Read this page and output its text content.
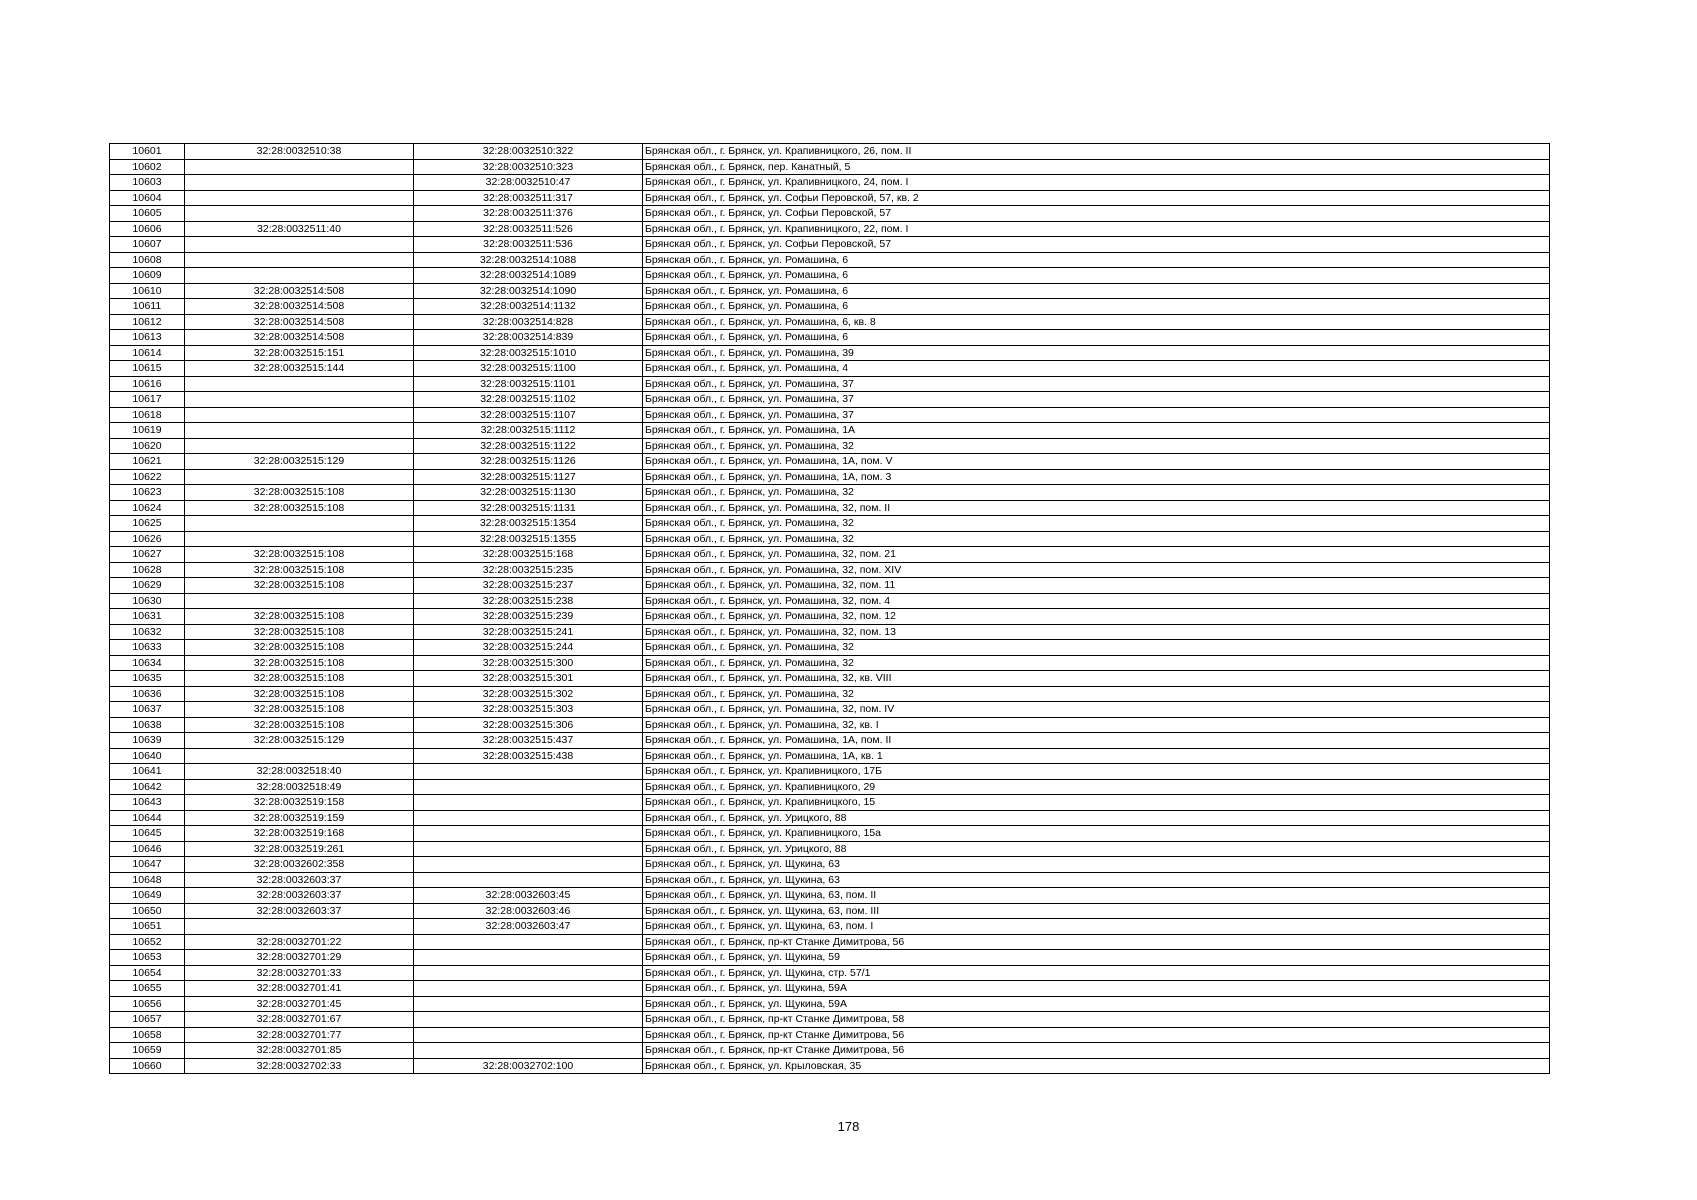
10601	32:28:0032510:38	32:28:0032510:322	Брянская обл., г. Брянск, ул. Крапивницкого, 26, пом. II
10602		32:28:0032510:323	Брянская обл., г. Брянск, пер. Канатный, 5
10603		32:28:0032510:47	Брянская обл., г. Брянск, ул. Крапивницкого, 24, пом. I
10604		32:28:0032511:317	Брянская обл., г. Брянск, ул. Софьи Перовской, 57, кв. 2
10605		32:28:0032511:376	Брянская обл., г. Брянск, ул. Софьи Перовской, 57
10606	32:28:0032511:40	32:28:0032511:526	Брянская обл., г. Брянск, ул. Крапивницкого, 22, пом. I
10607		32:28:0032511:536	Брянская обл., г. Брянск, ул. Софьи Перовской, 57
10608		32:28:0032514:1088	Брянская обл., г. Брянск, ул. Ромашина, 6
10609		32:28:0032514:1089	Брянская обл., г. Брянск, ул. Ромашина, 6
10610	32:28:0032514:508	32:28:0032514:1090	Брянская обл., г. Брянск, ул. Ромашина, 6
10611	32:28:0032514:508	32:28:0032514:1132	Брянская обл., г. Брянск, ул. Ромашина, 6
10612	32:28:0032514:508	32:28:0032514:828	Брянская обл., г. Брянск, ул. Ромашина, 6, кв. 8
10613	32:28:0032514:508	32:28:0032514:839	Брянская обл., г. Брянск, ул. Ромашина, 6
10614	32:28:0032515:151	32:28:0032515:1010	Брянская обл., г. Брянск, ул. Ромашина, 39
10615	32:28:0032515:144	32:28:0032515:1100	Брянская обл., г. Брянск, ул. Ромашина, 4
10616		32:28:0032515:1101	Брянская обл., г. Брянск, ул. Ромашина, 37
10617		32:28:0032515:1102	Брянская обл., г. Брянск, ул. Ромашина, 37
10618		32:28:0032515:1107	Брянская обл., г. Брянск, ул. Ромашина, 37
10619		32:28:0032515:1112	Брянская обл., г. Брянск, ул. Ромашина, 1А
10620		32:28:0032515:1122	Брянская обл., г. Брянск, ул. Ромашина, 32
10621	32:28:0032515:129	32:28:0032515:1126	Брянская обл., г. Брянск, ул. Ромашина, 1А, пом. V
10622		32:28:0032515:1127	Брянская обл., г. Брянск, ул. Ромашина, 1А, пом. 3
10623	32:28:0032515:108	32:28:0032515:1130	Брянская обл., г. Брянск, ул. Ромашина, 32
10624	32:28:0032515:108	32:28:0032515:1131	Брянская обл., г. Брянск, ул. Ромашина, 32, пом. II
10625		32:28:0032515:1354	Брянская обл., г. Брянск, ул. Ромашина, 32
10626		32:28:0032515:1355	Брянская обл., г. Брянск, ул. Ромашина, 32
10627	32:28:0032515:108	32:28:0032515:168	Брянская обл., г. Брянск, ул. Ромашина, 32, пом. 21
10628	32:28:0032515:108	32:28:0032515:235	Брянская обл., г. Брянск, ул. Ромашина, 32, пом. XIV
10629	32:28:0032515:108	32:28:0032515:237	Брянская обл., г. Брянск, ул. Ромашина, 32, пом. 11
10630		32:28:0032515:238	Брянская обл., г. Брянск, ул. Ромашина, 32, пом. 4
10631	32:28:0032515:108	32:28:0032515:239	Брянская обл., г. Брянск, ул. Ромашина, 32, пом. 12
10632	32:28:0032515:108	32:28:0032515:241	Брянская обл., г. Брянск, ул. Ромашина, 32, пом. 13
10633	32:28:0032515:108	32:28:0032515:244	Брянская обл., г. Брянск, ул. Ромашина, 32
10634	32:28:0032515:108	32:28:0032515:300	Брянская обл., г. Брянск, ул. Ромашина, 32
10635	32:28:0032515:108	32:28:0032515:301	Брянская обл., г. Брянск, ул. Ромашина, 32, кв. VIII
10636	32:28:0032515:108	32:28:0032515:302	Брянская обл., г. Брянск, ул. Ромашина, 32
10637	32:28:0032515:108	32:28:0032515:303	Брянская обл., г. Брянск, ул. Ромашина, 32, пом. IV
10638	32:28:0032515:108	32:28:0032515:306	Брянская обл., г. Брянск, ул. Ромашина, 32, кв. I
10639	32:28:0032515:129	32:28:0032515:437	Брянская обл., г. Брянск, ул. Ромашина, 1А, пом. II
10640		32:28:0032515:438	Брянская обл., г. Брянск, ул. Ромашина, 1А, кв. 1
10641	32:28:0032518:40		Брянская обл., г. Брянск, ул. Крапивницкого, 17Б
10642	32:28:0032518:49		Брянская обл., г. Брянск, ул. Крапивницкого, 29
10643	32:28:0032519:158		Брянская обл., г. Брянск, ул. Крапивницкого, 15
10644	32:28:0032519:159		Брянская обл., г. Брянск, ул. Урицкого, 88
10645	32:28:0032519:168		Брянская обл., г. Брянск, ул. Крапивницкого, 15а
10646	32:28:0032519:261		Брянская обл., г. Брянск, ул. Урицкого, 88
10647	32:28:0032602:358		Брянская обл., г. Брянск, ул. Щукина, 63
10648	32:28:0032603:37		Брянская обл., г. Брянск, ул. Щукина, 63
10649	32:28:0032603:37	32:28:0032603:45	Брянская обл., г. Брянск, ул. Щукина, 63, пом. II
10650	32:28:0032603:37	32:28:0032603:46	Брянская обл., г. Брянск, ул. Щукина, 63, пом. III
10651		32:28:0032603:47	Брянская обл., г. Брянск, ул. Щукина, 63, пом. I
10652	32:28:0032701:22		Брянская обл., г. Брянск, пр-кт Станке Димитрова, 56
10653	32:28:0032701:29		Брянская обл., г. Брянск, ул. Щукина, 59
10654	32:28:0032701:33		Брянская обл., г. Брянск, ул. Щукина, стр. 57/1
10655	32:28:0032701:41		Брянская обл., г. Брянск, ул. Щукина, 59А
10656	32:28:0032701:45		Брянская обл., г. Брянск, ул. Щукина, 59А
10657	32:28:0032701:67		Брянская обл., г. Брянск, пр-кт Станке Димитрова, 58
10658	32:28:0032701:77		Брянская обл., г. Брянск, пр-кт Станке Димитрова, 56
10659	32:28:0032701:85		Брянская обл., г. Брянск, пр-кт Станке Димитрова, 56
10660	32:28:0032702:33	32:28:0032702:100	Брянская обл., г. Брянск, ул. Крыловская, 35
178
